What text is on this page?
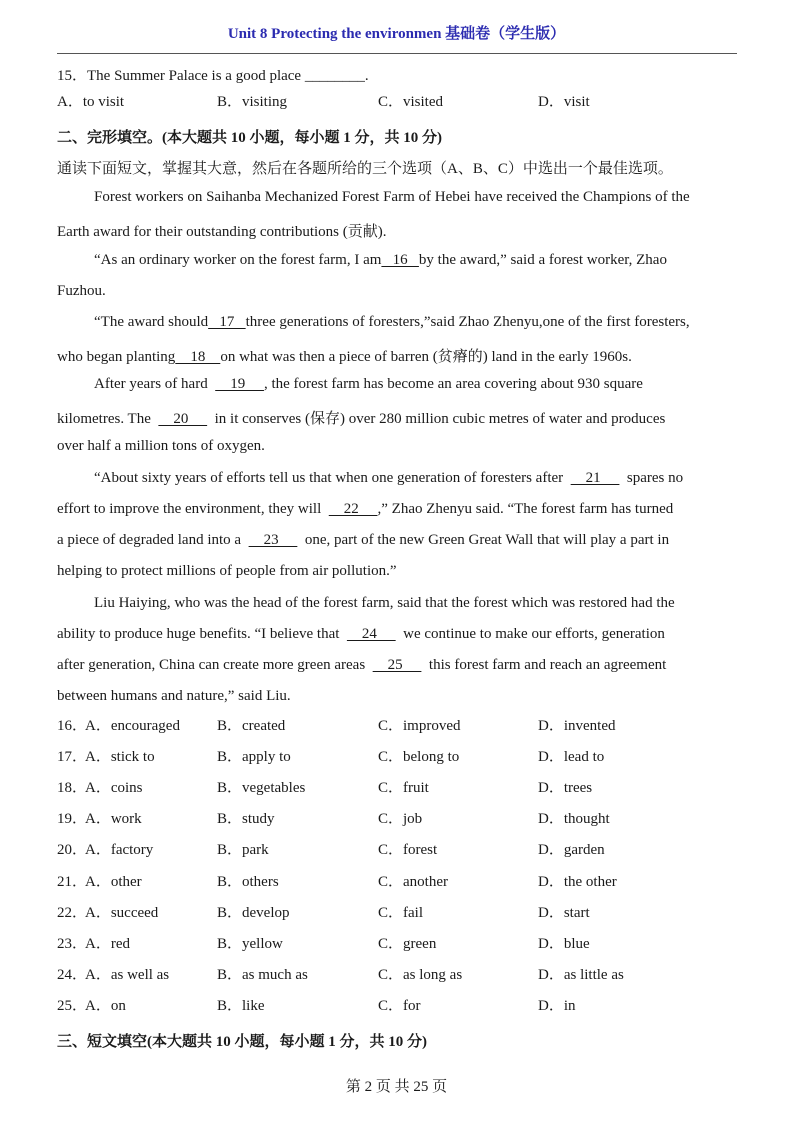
Unit 8 Protecting the environmen 基础卷（学生版）
15．The Summer Palace is a good place ________.
A．to visit	B．visiting	C．visited	D．visit
二、完形填空。(本大题共 10 小题，每小题 1 分，共 10 分)
通读下面短文，掌握其大意，然后在各题所给的三个选项（A、B、C）中选出一个最佳选项。
Forest workers on Saihanba Mechanized Forest Farm of Hebei have received the Champions of the
Earth award for their outstanding contributions (贡献).
“As an ordinary worker on the forest farm, I am   16   by the award,” said a forest worker, Zhao
Fuzhou.
“The award should   17   three generations of foresters,”said Zhao Zhenyu,one of the first foresters,
who began planting    18    on what was then a piece of barren (贫瘠的) land in the early 1960s.
After years of hard      19     , the forest farm has become an area covering about 930 square
kilometres. The      20       in it conserves (保存) over 280 million cubic metres of water and produces
over half a million tons of oxygen.
“About sixty years of efforts tell us that when one generation of foresters after      21       spares no
effort to improve the environment, they will      22     ,” Zhao Zhenyu said. “The forest farm has turned
a piece of degraded land into a      23       one, part of the new Green Great Wall that will play a part in
helping to protect millions of people from air pollution.”
Liu Haiying, who was the head of the forest farm, said that the forest which was restored had the
ability to produce huge benefits. “I believe that      24       we continue to make our efforts, generation
after generation, China can create more green areas      25       this forest farm and reach an agreement
between humans and nature,” said Liu.
16．
A．encouraged B．created	C．improved	D．invented
17．
A．stick to	B．apply to	C．belong to	D．lead to
18．
A．coins	B．vegetables	C．fruit	D．trees
19．
A．work	B．study	C．job	D．thought
20．
A．factory	B．park	C．forest	D．garden
21．
A．other	B．others	C．another	D．the other
22．
A．succeed	B．develop	C．fail	D．start
23．
A．red	B．yellow	C．green	D．blue
24．
A．as well as	B．as much as	C．as long as	D．as little as
25．
A．on	B．like	C．for	D．in
三、短文填空(本大题共 10 小题，每小题 1 分，共 10 分)
第 2 页 共 25 页
